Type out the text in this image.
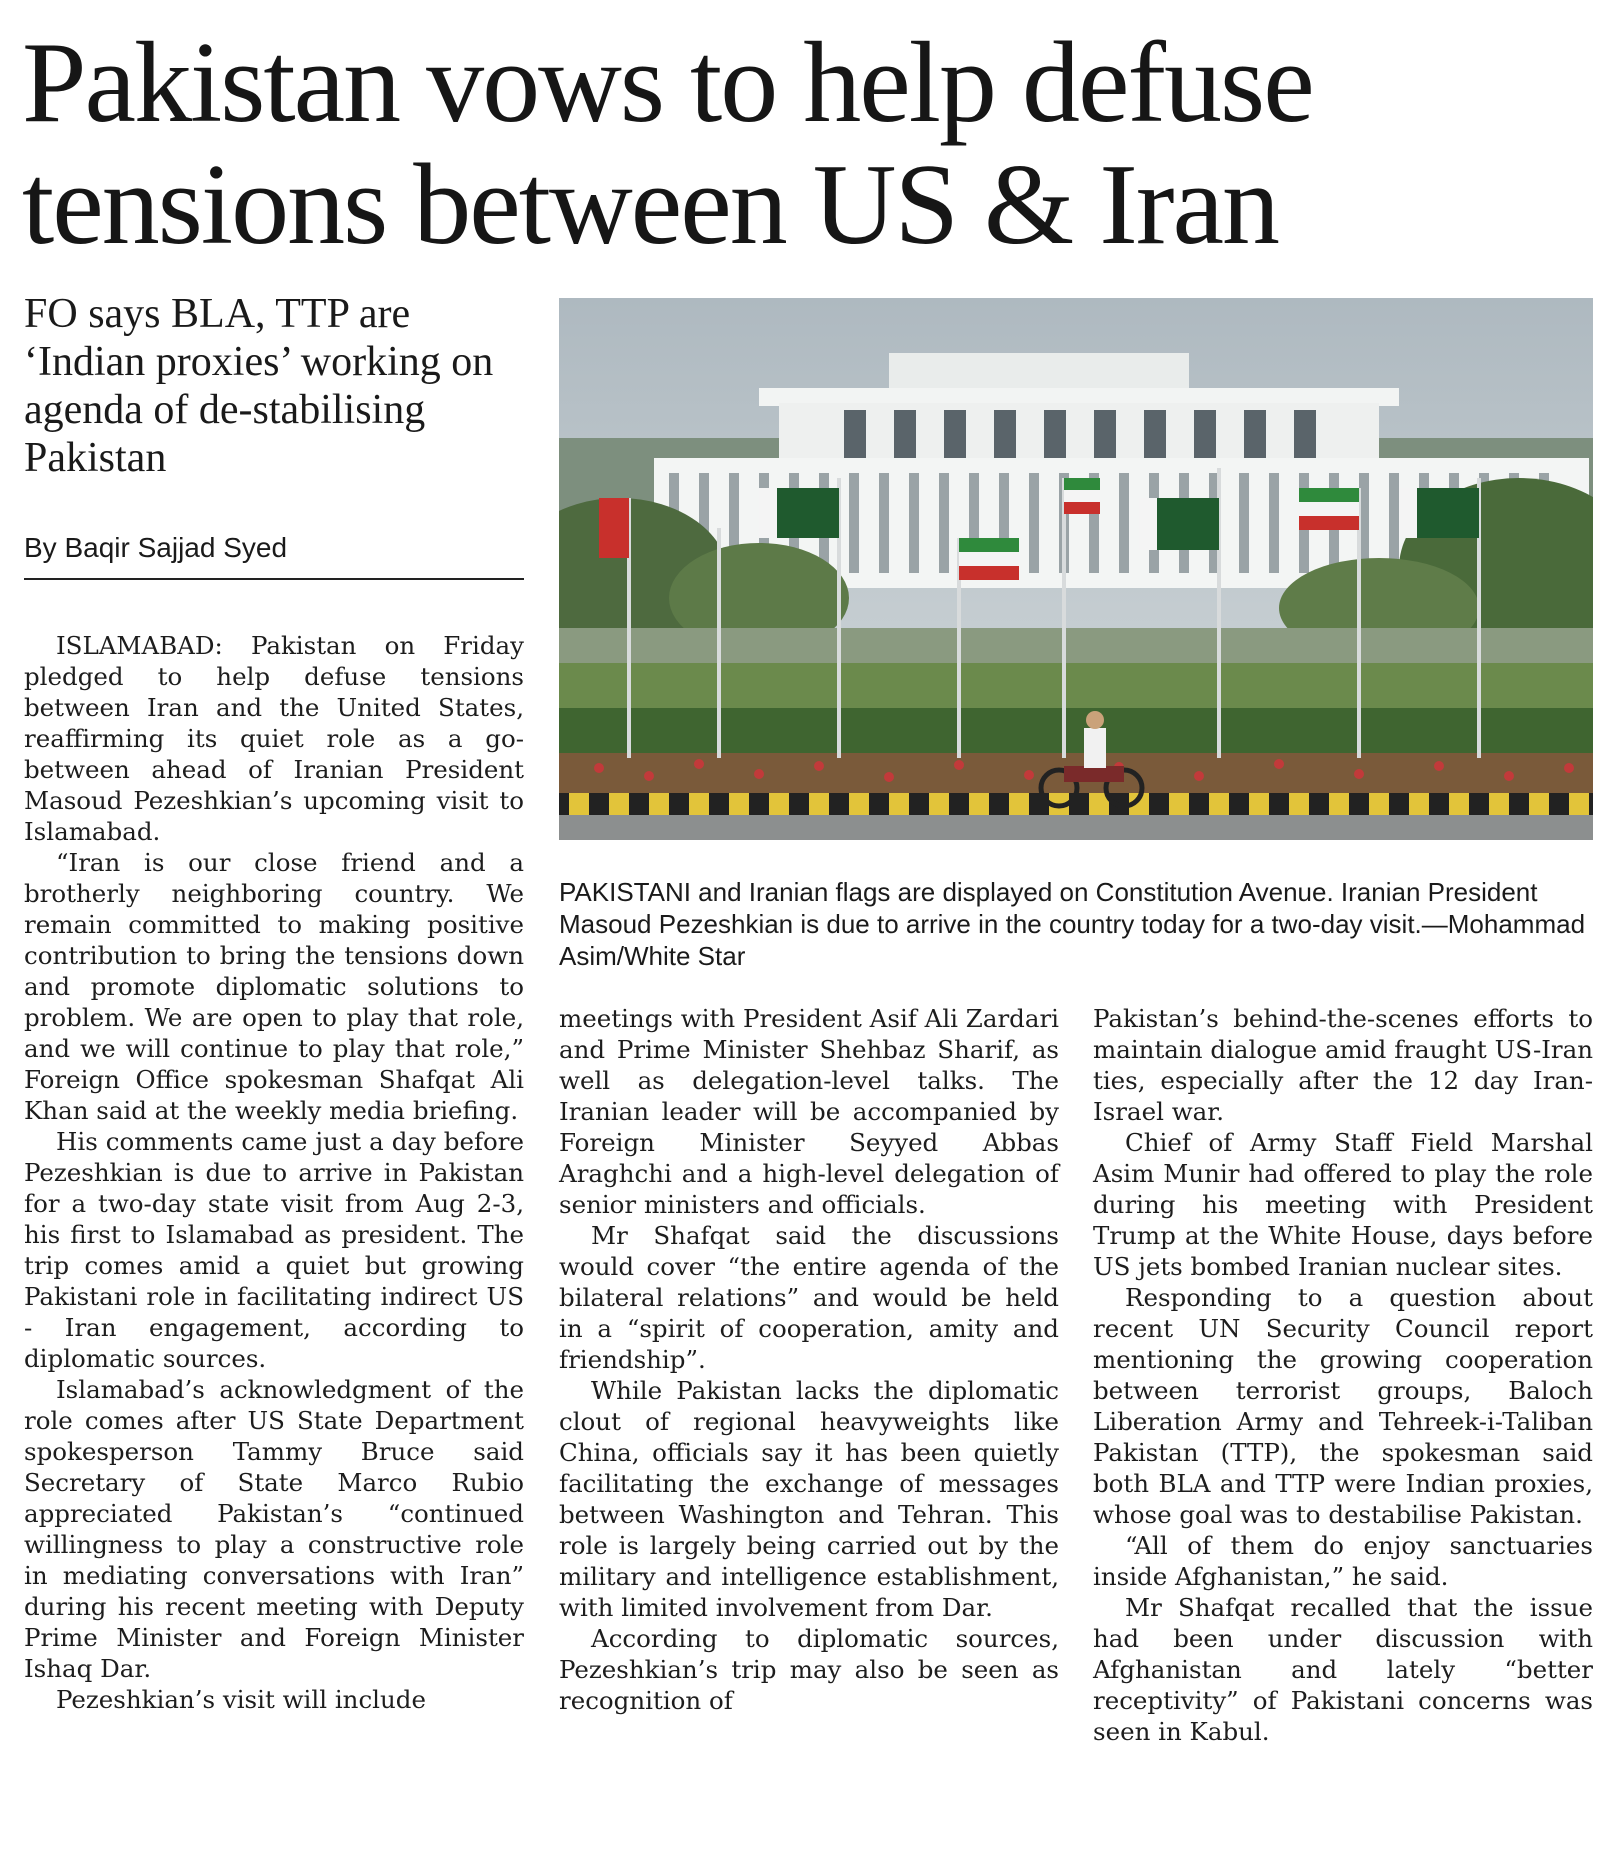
Pakistan vows to help defuse tensions between US & Iran
FO says BLA, TTP are ‘Indian proxies’ working on agenda of de-stabilising Pakistan
By Baqir Sajjad Syed

ISLAMABAD: Pakistan on Friday pledged to help defuse tensions between Iran and the United States, reaffirming its quiet role as a go-between ahead of Iranian President Masoud Pezeshkian’s upcoming visit to Islamabad.

“Iran is our close friend and a brotherly neighboring country. We remain committed to making positive contribution to bring the tensions down and promote diplomatic solutions to problem. We are open to play that role, and we will continue to play that role,” Foreign Office spokesman Shafqat Ali Khan said at the weekly media briefing.

His comments came just a day before Pezeshkian is due to arrive in Pakistan for a two-day state visit from Aug 2-3, his first to Islamabad as president. The trip comes amid a quiet but growing Pakistani role in facilitating indirect US - Iran engagement, according to diplomatic sources.

Islamabad’s acknowledgment of the role comes after US State Department spokesperson Tammy Bruce said Secretary of State Marco Rubio appreciated Pakistan’s “continued willingness to play a constructive role in mediating conversations with Iran” during his recent meeting with Deputy Prime Minister and Foreign Minister Ishaq Dar.

Pezeshkian’s visit will include

PAKISTANI and Iranian flags are displayed on Constitution Avenue. Iranian President Masoud Pezeshkian is due to arrive in the country today for a two-day visit.—Mohammad Asim/White Star

meetings with President Asif Ali Zardari and Prime Minister Shehbaz Sharif, as well as delegation-level talks. The Iranian leader will be accompanied by Foreign Minister Seyyed Abbas Araghchi and a high-level delegation of senior ministers and officials.

Mr Shafqat said the discussions would cover “the entire agenda of the bilateral relations” and would be held in a “spirit of cooperation, amity and friendship”.

While Pakistan lacks the diplomatic clout of regional heavyweights like China, officials say it has been quietly facilitating the exchange of messages between Washington and Tehran. This role is largely being carried out by the military and intelligence establishment, with limited involvement from Dar.

According to diplomatic sources, Pezeshkian’s trip may also be seen as recognition of

Pakistan’s behind-the-scenes efforts to maintain dialogue amid fraught US-Iran ties, especially after the 12 day Iran-Israel war.

Chief of Army Staff Field Marshal Asim Munir had offered to play the role during his meeting with President Trump at the White House, days before US jets bombed Iranian nuclear sites.

Responding to a question about recent UN Security Council report mentioning the growing cooperation between terrorist groups, Baloch Liberation Army and Tehreek-i-Taliban Pakistan (TTP), the spokesman said both BLA and TTP were Indian proxies, whose goal was to destabilise Pakistan.

“All of them do enjoy sanctuaries inside Afghanistan,” he said.

Mr Shafqat recalled that the issue had been under discussion with Afghanistan and lately “better receptivity” of Pakistani concerns was seen in Kabul.
